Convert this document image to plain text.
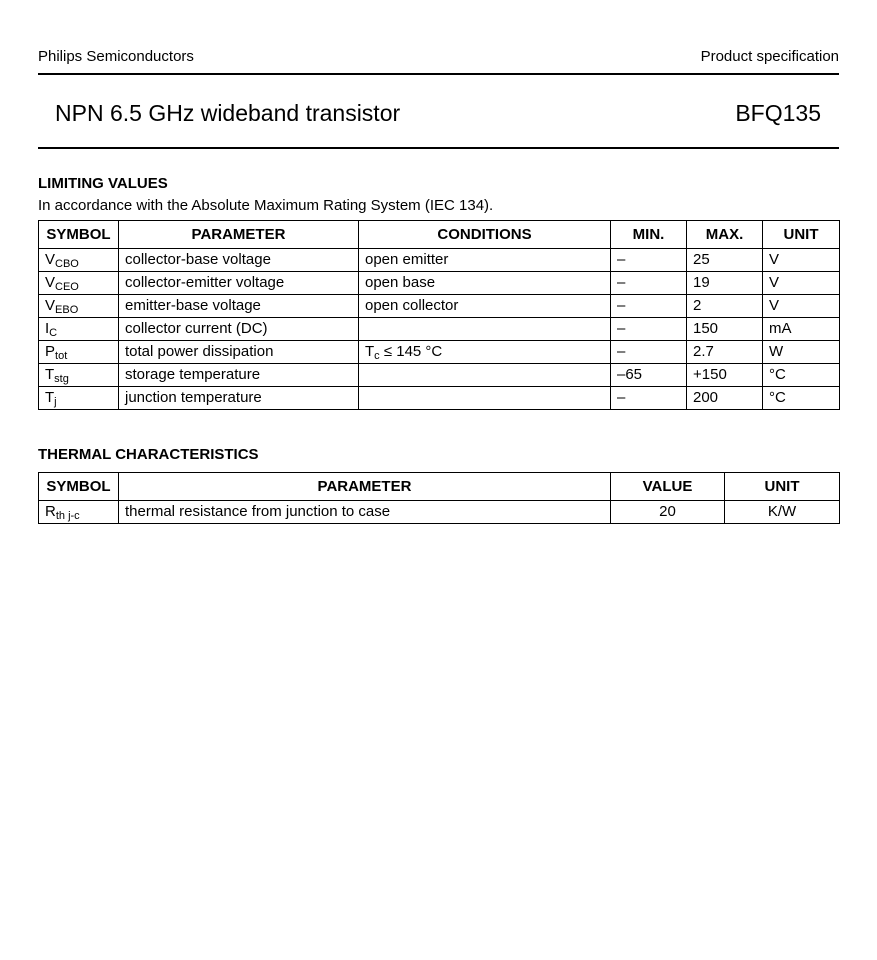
Philips Semiconductors	Product specification
NPN 6.5 GHz wideband transistor	BFQ135
LIMITING VALUES
In accordance with the Absolute Maximum Rating System (IEC 134).
SYMBOL	PARAMETER	CONDITIONS	MIN.	MAX.	UNIT
$V_{CBO}$	collector-base voltage	open emitter	–	25	V
$V_{CEO}$	collector-emitter voltage	open base	–	19	V
$V_{EBO}$	emitter-base voltage	open collector	–	2	V
$I_C$	collector current (DC)		–	150	mA
$P_{tot}$	total power dissipation	$T_c \le 145$ °C	–	2.7	W
$T_{stg}$	storage temperature		–65	+150	°C
$T_j$	junction temperature		–	200	°C
THERMAL CHARACTERISTICS
SYMBOL	PARAMETER	VALUE	UNIT
$R_{th j-c}$	thermal resistance from junction to case	20	K/W
